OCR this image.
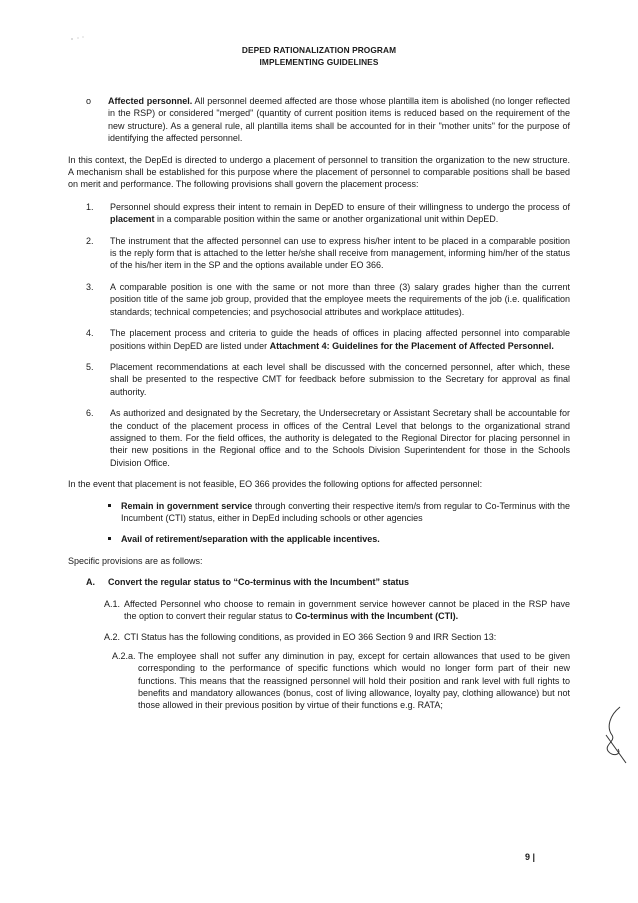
DEPED RATIONALIZATION PROGRAM
IMPLEMENTING GUIDELINES
o Affected personnel. All personnel deemed affected are those whose plantilla item is abolished (no longer reflected in the RSP) or considered "merged" (quantity of current position items is reduced based on the requirement of the new structure). As a general rule, all plantilla items shall be accounted for in their "mother units" for the purpose of identifying the affected personnel.

In this context, the DepEd is directed to undergo a placement of personnel to transition the organization to the new structure. A mechanism shall be established for this purpose where the placement of personnel to comparable positions shall be based on merit and performance. The following provisions shall govern the placement process:

1. Personnel should express their intent to remain in DepED to ensure of their willingness to undergo the process of placement in a comparable position within the same or another organizational unit within DepED.
2. The instrument that the affected personnel can use to express his/her intent to be placed in a comparable position is the reply form that is attached to the letter he/she shall receive from management, informing him/her of the status of the his/her item in the SP and the options available under EO 366.
3. A comparable position is one with the same or not more than three (3) salary grades higher than the current position title of the same job group, provided that the employee meets the requirements of the job (i.e. qualification standards; technical competencies; and psychosocial attributes and workplace attitudes).
4. The placement process and criteria to guide the heads of offices in placing affected personnel into comparable positions within DepED are listed under Attachment 4: Guidelines for the Placement of Affected Personnel.
5. Placement recommendations at each level shall be discussed with the concerned personnel, after which, these shall be presented to the respective CMT for feedback before submission to the Secretary for approval as final authority.
6. As authorized and designated by the Secretary, the Undersecretary or Assistant Secretary shall be accountable for the conduct of the placement process in offices of the Central Level that belongs to the organizational strand assigned to them. For the field offices, the authority is delegated to the Regional Director for placing personnel in their new positions in the Regional office and to the Schools Division Superintendent for those in the Schools Division Office.

In the event that placement is not feasible, EO 366 provides the following options for affected personnel:

Remain in government service through converting their respective item/s from regular to Co-Terminus with the Incumbent (CTI) status, either in DepEd including schools or other agencies
Avail of retirement/separation with the applicable incentives.

Specific provisions are as follows:

A. Convert the regular status to “Co-terminus with the Incumbent” status
A.1. Affected Personnel who choose to remain in government service however cannot be placed in the RSP have the option to convert their regular status to Co-terminus with the Incumbent (CTI).
A.2. CTI Status has the following conditions, as provided in EO 366 Section 9 and IRR Section 13:
A.2.a. The employee shall not suffer any diminution in pay, except for certain allowances that used to be given corresponding to the performance of specific functions which would no longer form part of their new functions. This means that the reassigned personnel will hold their position and rank level with full rights to benefits and mandatory allowances (bonus, cost of living allowance, loyalty pay, clothing allowance) but not those allowed in their previous position by virtue of their functions e.g. RATA;
9 |
